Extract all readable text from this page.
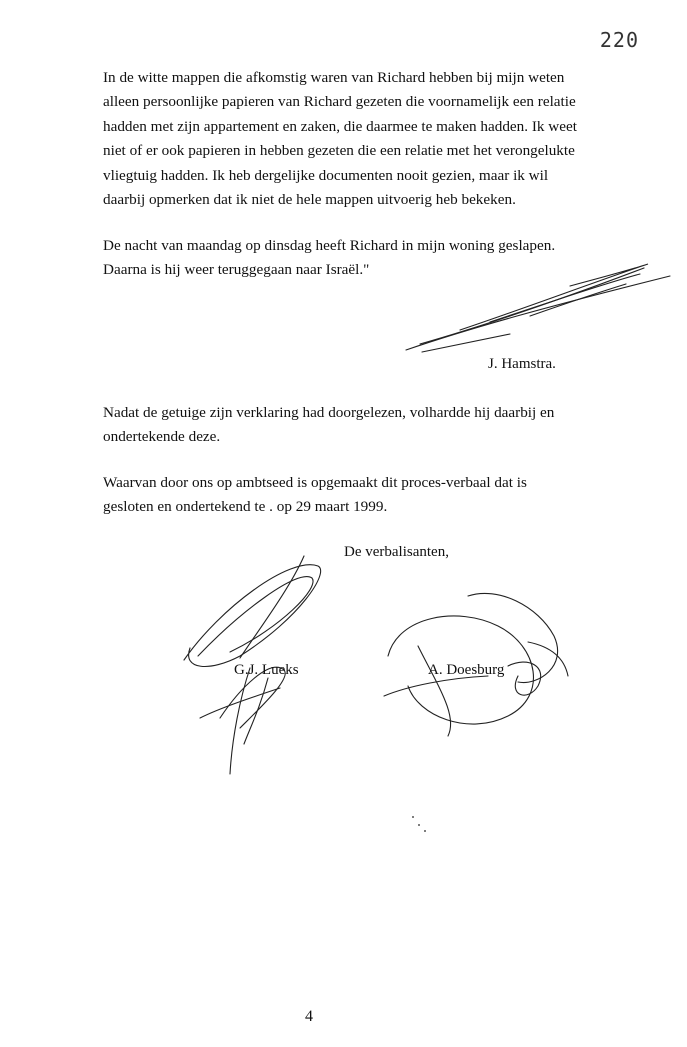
220

In de witte mappen die afkomstig waren van Richard hebben bij mijn weten
alleen persoonlijke papieren van Richard gezeten die voornamelijk een relatie
hadden met zijn appartement en zaken, die daarmee te maken hadden. Ik weet
niet of er ook papieren in hebben gezeten die een relatie met het verongelukte
vliegtuig hadden. Ik heb dergelijke documenten nooit gezien, maar ik wil
daarbij opmerken dat ik niet de hele mappen uitvoerig heb bekeken.

De nacht van maandag op dinsdag heeft Richard in mijn woning geslapen.
Daarna is hij weer teruggegaan naar Israël."

J. Hamstra.

Nadat de getuige zijn verklaring had doorgelezen, volhardde hij daarbij en
ondertekende deze.

Waarvan door ons op ambtseed is opgemaakt dit proces-verbaal dat is
gesloten en ondertekend te . op 29 maart 1999.

De verbalisanten,
G.J. Lueks	A. Doesburg
4
